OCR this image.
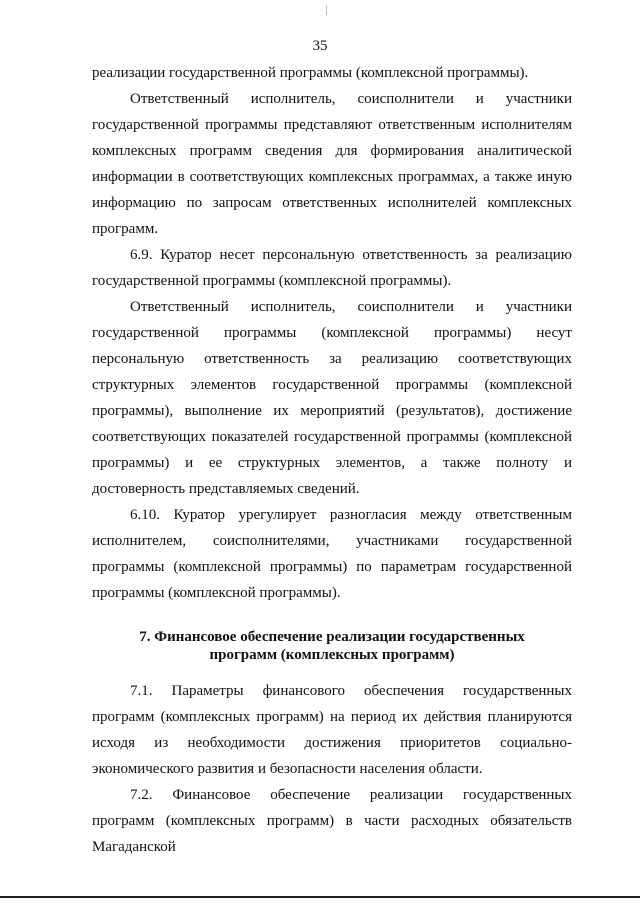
35

реализации государственной программы (комплексной программы).

Ответственный исполнитель, соисполнители и участники государственной программы представляют ответственным исполнителям комплексных программ сведения для формирования аналитической информации в соответствующих комплексных программах, а также иную информацию по запросам ответственных исполнителей комплексных программ.

6.9. Куратор несет персональную ответственность за реализацию государственной программы (комплексной программы).

Ответственный исполнитель, соисполнители и участники государственной программы (комплексной программы) несут персональную ответственность за реализацию соответствующих структурных элементов государственной программы (комплексной программы), выполнение их мероприятий (результатов), достижение соответствующих показателей государственной программы (комплексной программы) и ее структурных элементов, а также полноту и достоверность представляемых сведений.

6.10. Куратор урегулирует разногласия между ответственным исполнителем, соисполнителями, участниками государственной программы (комплексной программы) по параметрам государственной программы (комплексной программы).

7. Финансовое обеспечение реализации государственных программ (комплексных программ)

7.1. Параметры финансового обеспечения государственных программ (комплексных программ) на период их действия планируются исходя из необходимости достижения приоритетов социально-экономического развития и безопасности населения области.

7.2. Финансовое обеспечение реализации государственных программ (комплексных программ) в части расходных обязательств Магаданской
